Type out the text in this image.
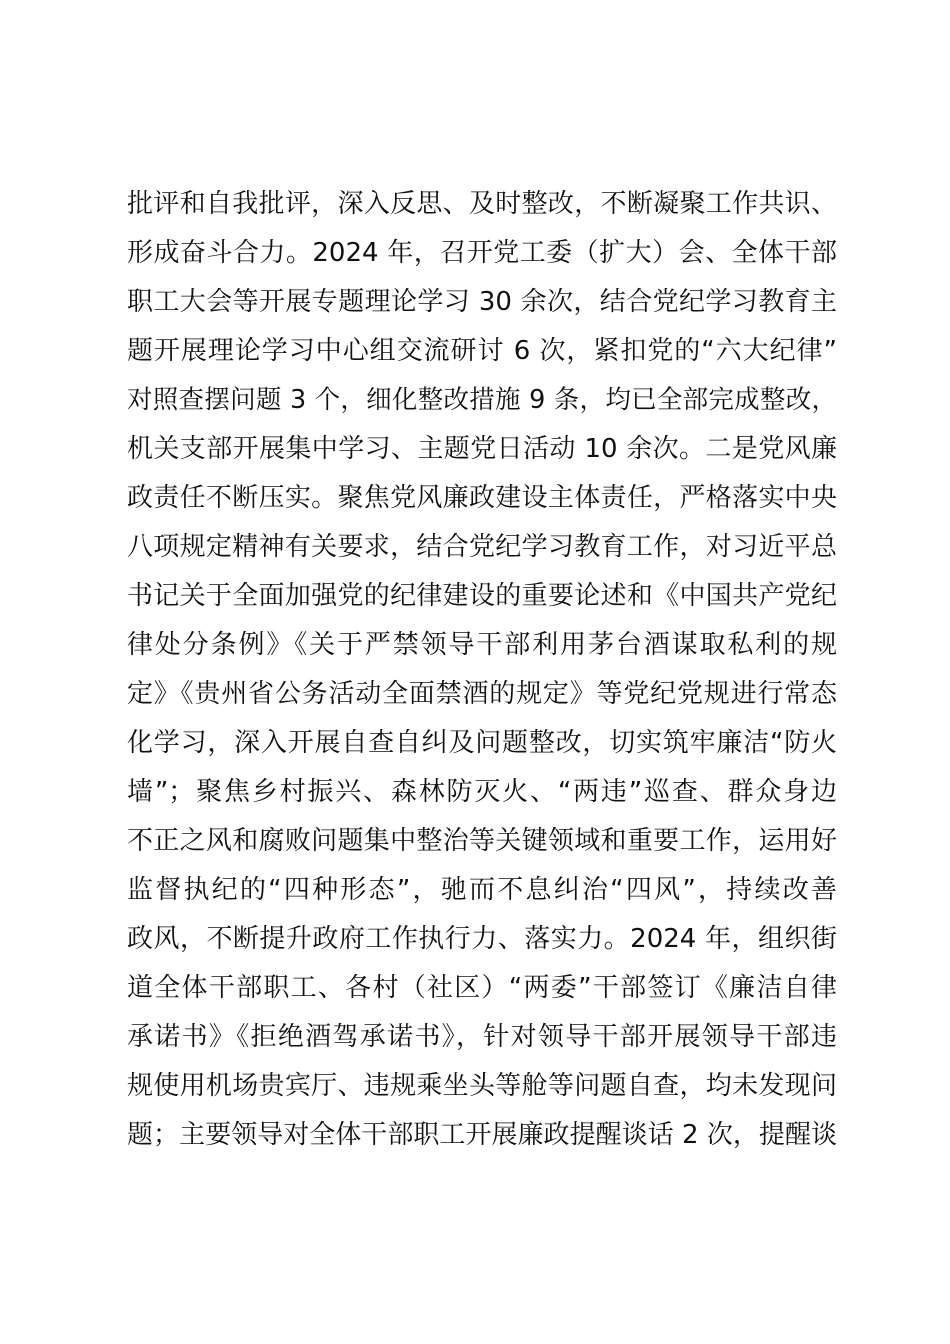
批评和自我批评，深入反思、及时整改，不断凝聚工作共识、
形成奋斗合力。2024 年，召开党工委（扩大）会、全体干部
职工大会等开展专题理论学习 30 余次，结合党纪学习教育主
题开展理论学习中心组交流研讨 6 次，紧扣党的“六大纪律”
对照查摆问题 3 个，细化整改措施 9 条，均已全部完成整改，
机关支部开展集中学习、主题党日活动 10 余次。二是党风廉
政责任不断压实。聚焦党风廉政建设主体责任，严格落实中央
八项规定精神有关要求，结合党纪学习教育工作，对习近平总
书记关于全面加强党的纪律建设的重要论述和《中国共产党纪
律处分条例》《关于严禁领导干部利用茅台酒谋取私利的规
定》《贵州省公务活动全面禁酒的规定》等党纪党规进行常态
化学习，深入开展自查自纠及问题整改，切实筑牢廉洁“防火
墙”；聚焦乡村振兴、森林防灭火、“两违”巡查、群众身边
不正之风和腐败问题集中整治等关键领域和重要工作，运用好
监督执纪的“四种形态”，驰而不息纠治“四风”，持续改善
政风，不断提升政府工作执行力、落实力。2024 年，组织街
道全体干部职工、各村（社区）“两委”干部签订《廉洁自律
承诺书》《拒绝酒驾承诺书》，针对领导干部开展领导干部违
规使用机场贵宾厅、违规乘坐头等舱等问题自查，均未发现问
题；主要领导对全体干部职工开展廉政提醒谈话 2 次，提醒谈
